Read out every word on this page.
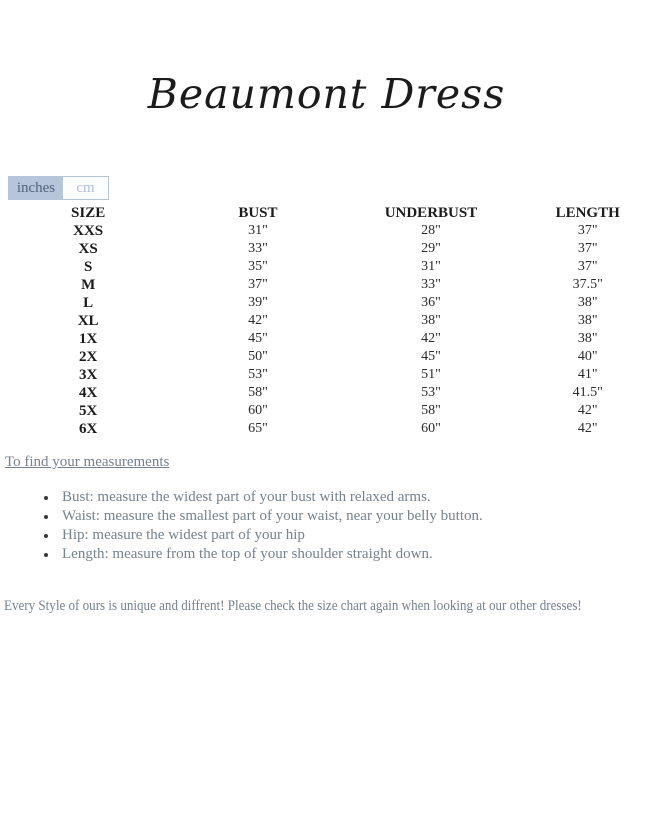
Beaumont Dress
inches	cm
SIZE	BUST	UNDERBUST	LENGTH
XXS	31"	28"	37"
XS	33"	29"	37"
S	35"	31"	37"
M	37"	33"	37.5"
L	39"	36"	38"
XL	42"	38"	38"
1X	45"	42"	38"
2X	50"	45"	40"
3X	53"	51"	41"
4X	58"	53"	41.5"
5X	60"	58"	42"
6X	65"	60"	42"
To find your measurements
• Bust: measure the widest part of your bust with relaxed arms.
• Waist: measure the smallest part of your waist, near your belly button.
• Hip: measure the widest part of your hip
• Length: measure from the top of your shoulder straight down.

Every Style of ours is unique and diffrent! Please check the size chart again when looking at our other dresses!
